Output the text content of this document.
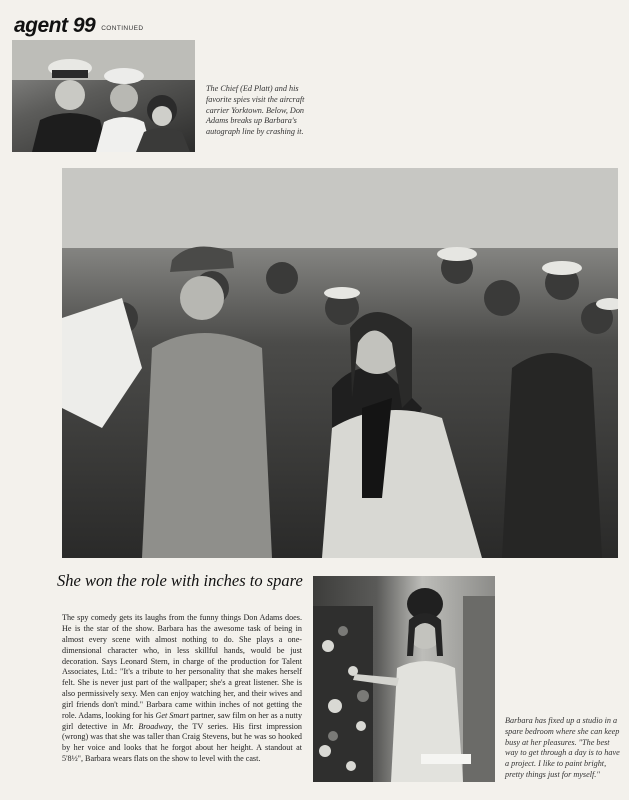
agent 99 CONTINUED
The Chief (Ed Platt) and his favorite spies visit the aircraft carrier Yorktown. Below, Don Adams breaks up Barbara's autograph line by crashing it.
She won the role with inches to spare

The spy comedy gets its laughs from the funny things Don Adams does. He is the star of the show. Barbara has the awesome task of being in almost every scene with almost nothing to do. She plays a one-dimensional character who, in less skillful hands, would be just decoration. Says Leonard Stern, in charge of the production for Talent Associates, Ltd.: "It's a tribute to her personality that she makes herself felt. She is never just part of the wallpaper; she's a great listener. She is also permissively sexy. Men can enjoy watching her, and their wives and girl friends don't mind." Barbara came within inches of not getting the role. Adams, looking for his Get Smart partner, saw film on her as a nutty girl detective in Mr. Broadway, the TV series. His first impression (wrong) was that she was taller than Craig Stevens, but he was so hooked by her voice and looks that he forgot about her height. A standout at 5'8½", Barbara wears flats on the show to level with the cast.

Barbara has fixed up a studio in a spare bedroom where she can keep busy at her pleasures. "The best way to get through a day is to have a project. I like to paint bright, pretty things just for myself."
